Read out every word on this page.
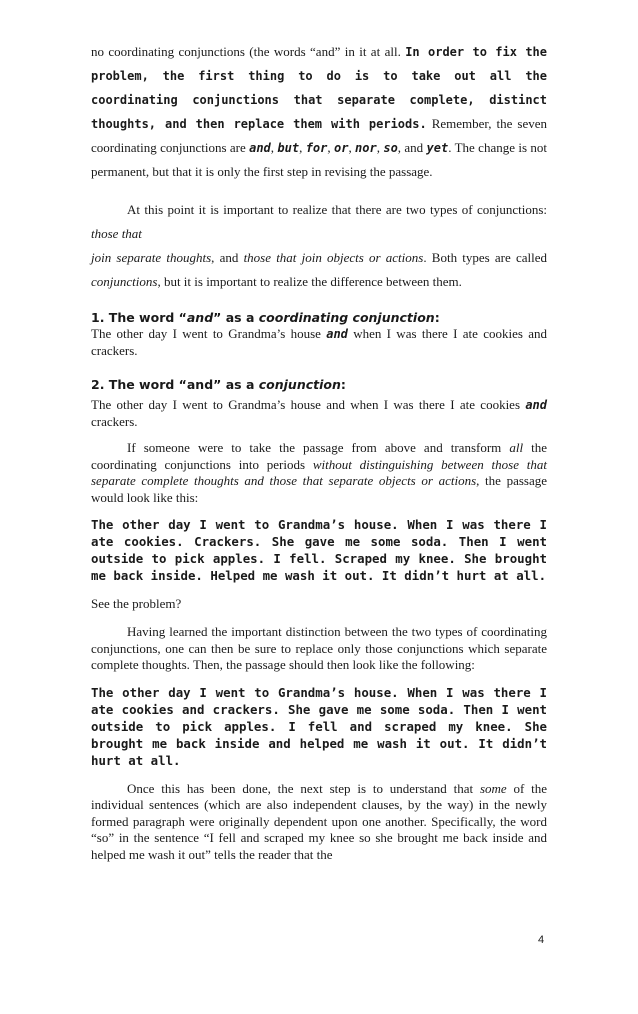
no coordinating conjunctions (the words “and” in it at all. In order to fix the problem, the first thing to do is to take out all the coordinating conjunctions that separate complete, distinct thoughts, and then replace them with periods. Remember, the seven coordinating conjunctions are and, but, for, or, nor, so, and yet. The change is not permanent, but that it is only the first step in revising the passage.

At this point it is important to realize that there are two types of conjunctions: those that
join separate thoughts, and those that join objects or actions. Both types are called conjunctions, but it is important to realize the difference between them.

1. The word “and” as a coordinating conjunction:

The other day I went to Grandma’s house and when I was there I ate cookies and crackers.

2. The word “and” as a conjunction:

The other day I went to Grandma’s house and when I was there I ate cookies and crackers.

If someone were to take the passage from above and transform all the coordinating conjunctions into periods without distinguishing between those that separate complete thoughts and those that separate objects or actions, the passage would look like this:

The other day I went to Grandma’s house. When I was there I ate cookies. Crackers. She gave me some soda. Then I went outside to pick apples. I fell. Scraped my knee. She brought me back inside. Helped me wash it out. It didn’t hurt at all.

See the problem?

Having learned the important distinction between the two types of coordinating conjunctions, one can then be sure to replace only those conjunctions which separate complete thoughts. Then, the passage should then look like the following:

The other day I went to Grandma’s house. When I was there I ate cookies and crackers. She gave me some soda. Then I went outside to pick apples. I fell and scraped my knee. She brought me back inside and helped me wash it out. It didn’t hurt at all.

Once this has been done, the next step is to understand that some of the individual sentences (which are also independent clauses, by the way) in the newly formed paragraph were originally dependent upon one another. Specifically, the word “so” in the sentence “I fell and scraped my knee so she brought me back inside and helped me wash it out” tells the reader that the

4
